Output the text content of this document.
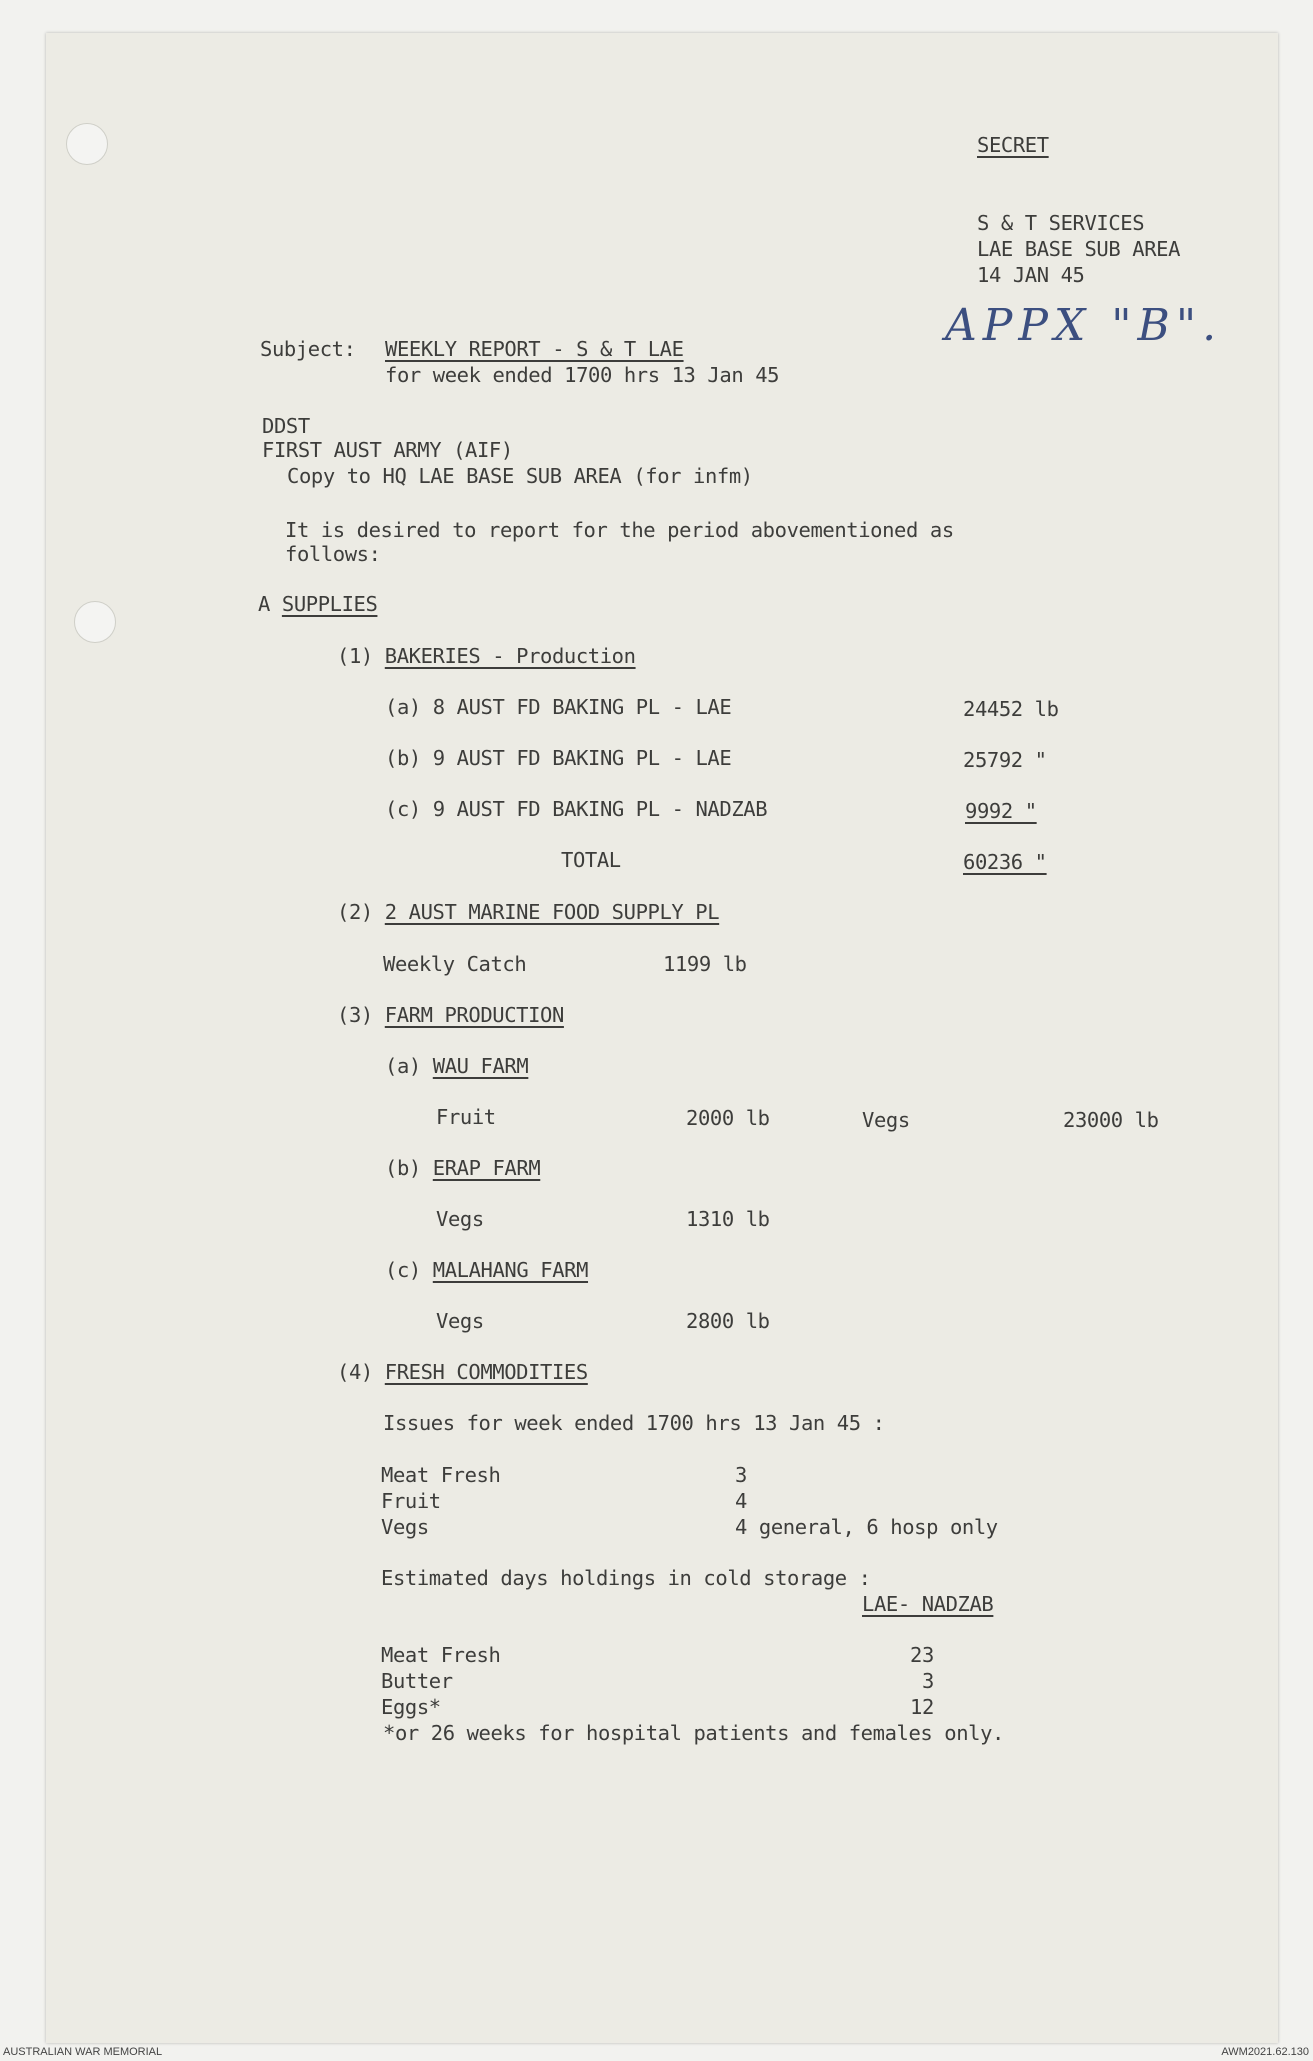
SECRET
S & T SERVICES
LAE BASE SUB AREA
14 JAN 45
APPX "B".
Subject: WEEKLY REPORT - S & T LAE
for week ended 1700 hrs 13 Jan 45
DDST
FIRST AUST ARMY (AIF)
Copy to HQ LAE BASE SUB AREA (for infm)
It is desired to report for the period abovementioned as
follows:
A SUPPLIES
(1) BAKERIES - Production
(a) 8 AUST FD BAKING PL - LAE	24452 lb
(b) 9 AUST FD BAKING PL - LAE	25792 "
(c) 9 AUST FD BAKING PL - NADZAB	9992 "
TOTAL	60236 "
(2) 2 AUST MARINE FOOD SUPPLY PL
Weekly Catch	1199 lb
(3) FARM PRODUCTION
(a) WAU FARM
Fruit	2000 lb	Vegs	23000 lb
(b) ERAP FARM
Vegs	1310 lb
(c) MALAHANG FARM
Vegs	2800 lb
(4) FRESH COMMODITIES
Issues for week ended 1700 hrs 13 Jan 45 :
Meat Fresh	3
Fruit	4
Vegs	4 general, 6 hosp only
Estimated days holdings in cold storage :
LAE- NADZAB
Meat Fresh	23
Butter	3
Eggs*	12
*or 26 weeks for hospital patients and females only.
AUSTRALIAN WAR MEMORIAL	AWM2021.62.130
